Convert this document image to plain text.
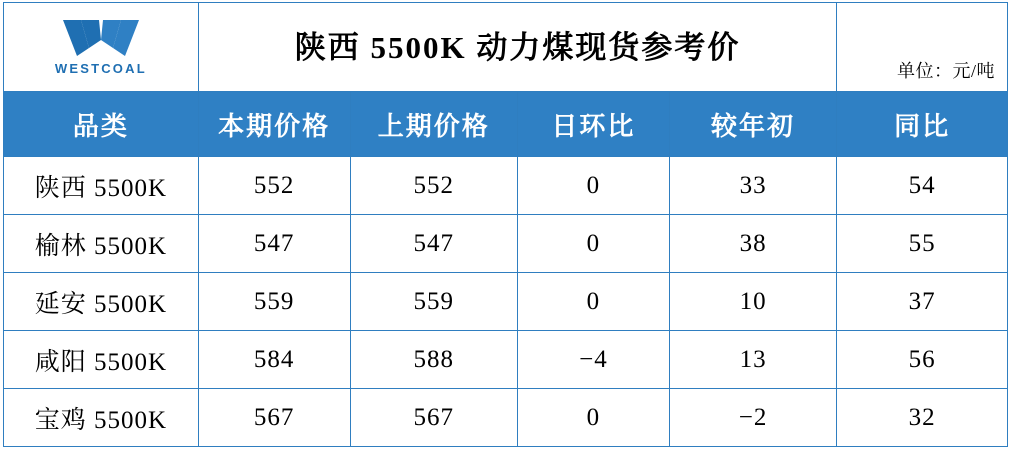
WESTCOAL	陕西 5500K 动力煤现货参考价				单位：元/吨

品类	本期价格	上期价格	日环比	较年初	同比
陕西 5500K	552	552	0	33	54
榆林 5500K	547	547	0	38	55
延安 5500K	559	559	0	10	37
咸阳 5500K	584	588	−4	13	56
宝鸡 5500K	567	567	0	−2	32
